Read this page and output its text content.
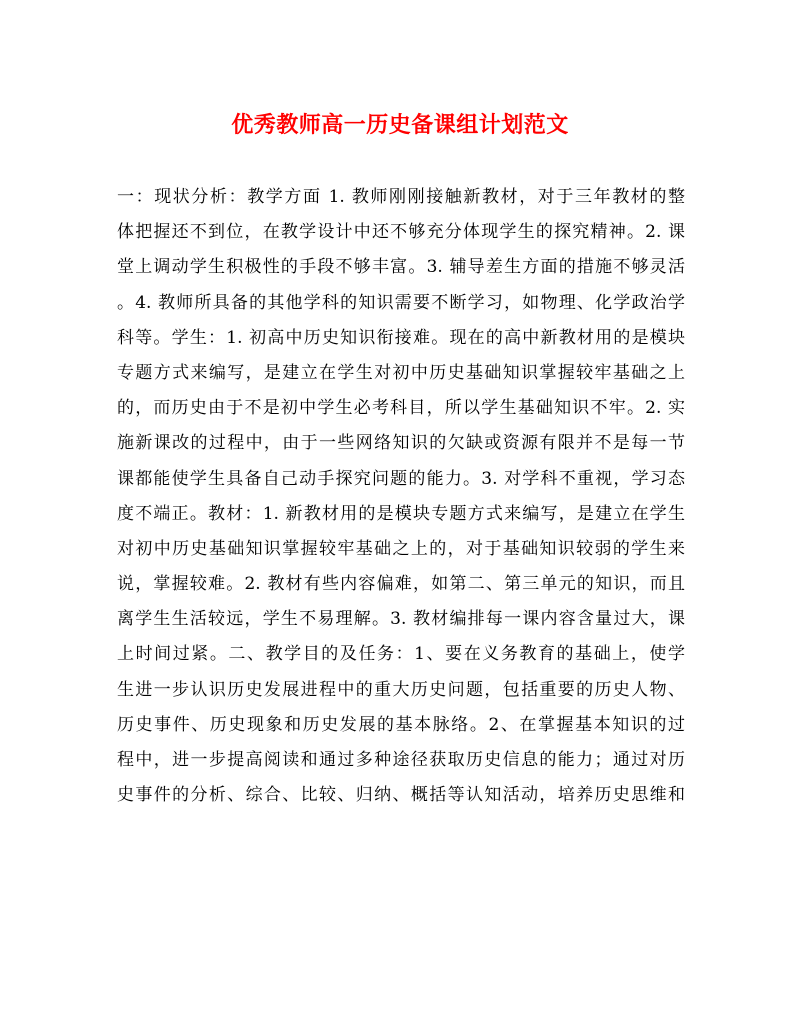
优秀教师高一历史备课组计划范文
一：现状分析：教学方面 1. 教师刚刚接触新教材，对于三年教材的整
体把握还不到位，在教学设计中还不够充分体现学生的探究精神。2. 课
堂上调动学生积极性的手段不够丰富。3. 辅导差生方面的措施不够灵活
。4. 教师所具备的其他学科的知识需要不断学习，如物理、化学政治学
科等。学生：1. 初高中历史知识衔接难。现在的高中新教材用的是模块
专题方式来编写，是建立在学生对初中历史基础知识掌握较牢基础之上
的，而历史由于不是初中学生必考科目，所以学生基础知识不牢。2. 实
施新课改的过程中，由于一些网络知识的欠缺或资源有限并不是每一节
课都能使学生具备自己动手探究问题的能力。3. 对学科不重视，学习态
度不端正。教材：1. 新教材用的是模块专题方式来编写，是建立在学生
对初中历史基础知识掌握较牢基础之上的，对于基础知识较弱的学生来
说，掌握较难。2. 教材有些内容偏难，如第二、第三单元的知识，而且
离学生生活较远，学生不易理解。3. 教材编排每一课内容含量过大，课
上时间过紧。二、教学目的及任务：1、要在义务教育的基础上，使学
生进一步认识历史发展进程中的重大历史问题，包括重要的历史人物、
历史事件、历史现象和历史发展的基本脉络。2、在掌握基本知识的过
程中，进一步提高阅读和通过多种途径获取历史信息的能力；通过对历
史事件的分析、综合、比较、归纳、概括等认知活动，培养历史思维和
